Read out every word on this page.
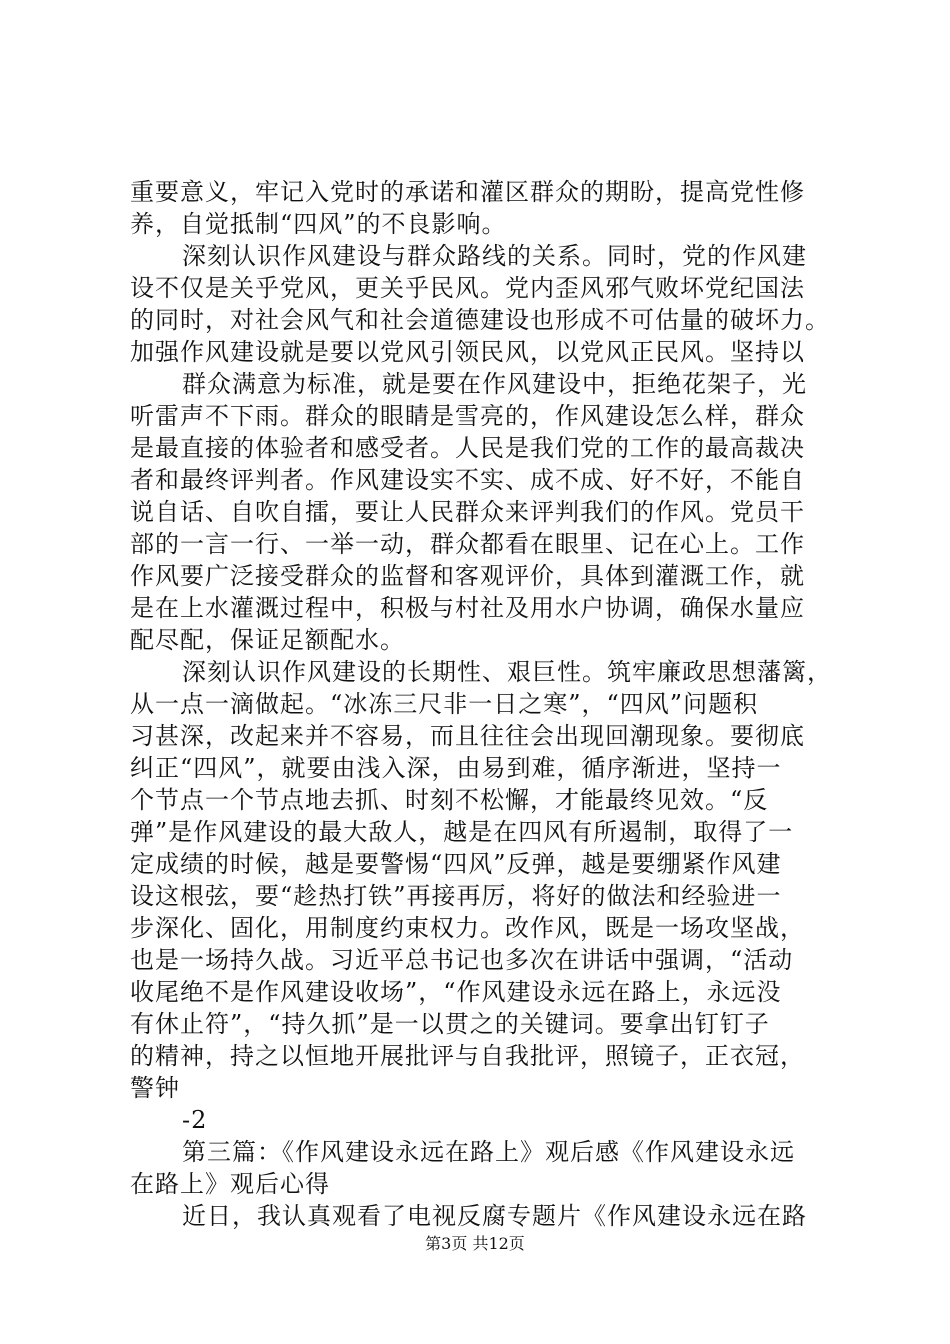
重要意义，牢记入党时的承诺和灌区群众的期盼，提高党性修
养，自觉抵制“四风”的不良影响。
深刻认识作风建设与群众路线的关系。同时，党的作风建
设不仅是关乎党风，更关乎民风。党内歪风邪气败坏党纪国法
的同时，对社会风气和社会道德建设也形成不可估量的破坏力。
加强作风建设就是要以党风引领民风，以党风正民风。坚持以
群众满意为标准，就是要在作风建设中，拒绝花架子，光
听雷声不下雨。群众的眼睛是雪亮的，作风建设怎么样，群众
是最直接的体验者和感受者。人民是我们党的工作的最高裁决
者和最终评判者。作风建设实不实、成不成、好不好，不能自
说自话、自吹自擂，要让人民群众来评判我们的作风。党员干
部的一言一行、一举一动，群众都看在眼里、记在心上。工作
作风要广泛接受群众的监督和客观评价，具体到灌溉工作，就
是在上水灌溉过程中，积极与村社及用水户协调，确保水量应
配尽配，保证足额配水。
深刻认识作风建设的长期性、艰巨性。筑牢廉政思想藩篱，
从一点一滴做起。“冰冻三尺非一日之寒”，“四风”问题积
习甚深，改起来并不容易，而且往往会出现回潮现象。要彻底
纠正“四风”，就要由浅入深，由易到难，循序渐进，坚持一
个节点一个节点地去抓、时刻不松懈，才能最终见效。“反
弹”是作风建设的最大敌人，越是在四风有所遏制，取得了一
定成绩的时候，越是要警惕“四风”反弹，越是要绷紧作风建
设这根弦，要“趁热打铁”再接再厉，将好的做法和经验进一
步深化、固化，用制度约束权力。改作风，既是一场攻坚战，
也是一场持久战。习近平总书记也多次在讲话中强调，“活动
收尾绝不是作风建设收场”，“作风建设永远在路上，永远没
有休止符”，“持久抓”是一以贯之的关键词。要拿出钉钉子
的精神，持之以恒地开展批评与自我批评，照镜子，正衣冠，
警钟
-2
第三篇：《作风建设永远在路上》观后感《作风建设永远
在路上》观后心得
近日，我认真观看了电视反腐专题片《作风建设永远在路
第3页 共12页
